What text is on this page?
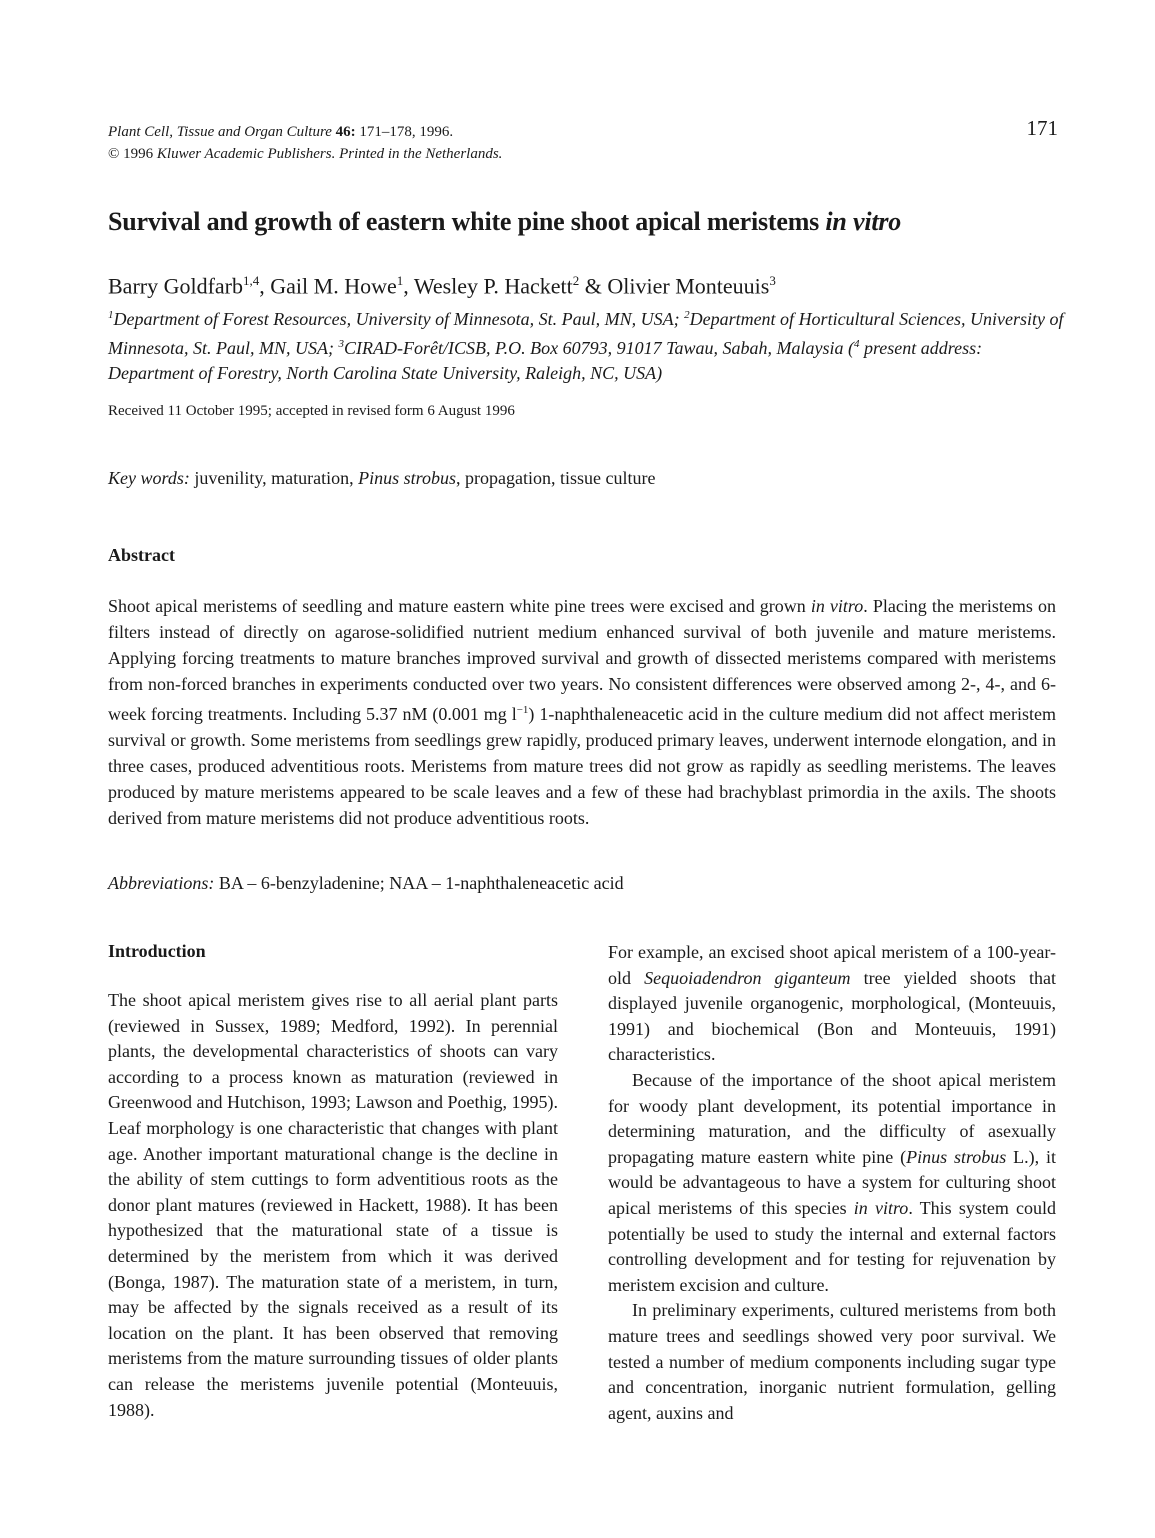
Plant Cell, Tissue and Organ Culture 46: 171–178, 1996.
© 1996 Kluwer Academic Publishers. Printed in the Netherlands.
171
Survival and growth of eastern white pine shoot apical meristems in vitro
Barry Goldfarb$^{1,4}$, Gail M. Howe$^1$, Wesley P. Hackett$^2$ & Olivier Monteuuis$^3$
$^1$Department of Forest Resources, University of Minnesota, St. Paul, MN, USA; $^2$Department of Horticultural Sciences, University of Minnesota, St. Paul, MN, USA; $^3$CIRAD-Forêt/ICSB, P.O. Box 60793, 91017 Tawau, Sabah, Malaysia ($^4$ present address: Department of Forestry, North Carolina State University, Raleigh, NC, USA)
Received 11 October 1995; accepted in revised form 6 August 1996
Key words: juvenility, maturation, Pinus strobus, propagation, tissue culture
Abstract

Shoot apical meristems of seedling and mature eastern white pine trees were excised and grown in vitro. Placing the meristems on filters instead of directly on agarose-solidified nutrient medium enhanced survival of both juvenile and mature meristems. Applying forcing treatments to mature branches improved survival and growth of dissected meristems compared with meristems from non-forced branches in experiments conducted over two years. No consistent differences were observed among 2-, 4-, and 6-week forcing treatments. Including 5.37 nM (0.001 mg $l^{-1}$) 1-naphthaleneacetic acid in the culture medium did not affect meristem survival or growth. Some meristems from seedlings grew rapidly, produced primary leaves, underwent internode elongation, and in three cases, produced adventitious roots. Meristems from mature trees did not grow as rapidly as seedling meristems. The leaves produced by mature meristems appeared to be scale leaves and a few of these had brachyblast primordia in the axils. The shoots derived from mature meristems did not produce adventitious roots.

Abbreviations: BA – 6-benzyladenine; NAA – 1-naphthaleneacetic acid
Introduction

The shoot apical meristem gives rise to all aerial plant parts (reviewed in Sussex, 1989; Medford, 1992). In perennial plants, the developmental characteristics of shoots can vary according to a process known as maturation (reviewed in Greenwood and Hutchison, 1993; Lawson and Poethig, 1995). Leaf morphology is one characteristic that changes with plant age. Another important maturational change is the decline in the ability of stem cuttings to form adventitious roots as the donor plant matures (reviewed in Hackett, 1988). It has been hypothesized that the maturational state of a tissue is determined by the meristem from which it was derived (Bonga, 1987). The maturation state of a meristem, in turn, may be affected by the signals received as a result of its location on the plant. It has been observed that removing meristems from the mature surrounding tissues of older plants can release the meristems juvenile potential (Monteuuis, 1988).

For example, an excised shoot apical meristem of a 100-year-old Sequoiadendron giganteum tree yielded shoots that displayed juvenile organogenic, morphological, (Monteuuis, 1991) and biochemical (Bon and Monteuuis, 1991) characteristics.

Because of the importance of the shoot apical meristem for woody plant development, its potential importance in determining maturation, and the difficulty of asexually propagating mature eastern white pine (Pinus strobus L.), it would be advantageous to have a system for culturing shoot apical meristems of this species in vitro. This system could potentially be used to study the internal and external factors controlling development and for testing for rejuvenation by meristem excision and culture.

In preliminary experiments, cultured meristems from both mature trees and seedlings showed very poor survival. We tested a number of medium components including sugar type and concentration, inorganic nutrient formulation, gelling agent, auxins and
